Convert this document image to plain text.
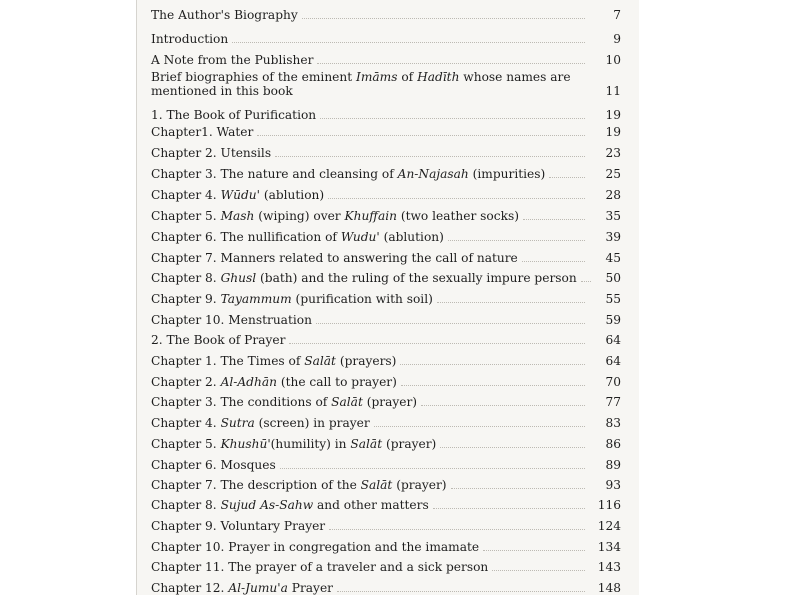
The Author's Biography	7
Introduction	9
A Note from the Publisher	10
Brief biographies of the eminent Imāms of Hadīth whose names are mentioned in this book	11
1. The Book of Purification	19
Chapter1. Water	19
Chapter 2. Utensils	23
Chapter 3. The nature and cleansing of An-Najasah (impurities)	25
Chapter 4. Wūdu' (ablution)	28
Chapter 5. Mash (wiping) over Khuffain (two leather socks)	35
Chapter 6. The nullification of Wudu' (ablution)	39
Chapter 7. Manners related to answering the call of nature	45
Chapter 8. Ghusl (bath) and the ruling of the sexually impure person	50
Chapter 9. Tayammum (purification with soil)	55
Chapter 10. Menstruation	59
2. The Book of Prayer	64
Chapter 1. The Times of Salāt (prayers)	64
Chapter 2. Al-Adhān (the call to prayer)	70
Chapter 3. The conditions of Salāt (prayer)	77
Chapter 4. Sutra (screen) in prayer	83
Chapter 5. Khushū'(humility) in Salāt (prayer)	86
Chapter 6. Mosques	89
Chapter 7. The description of the Salāt (prayer)	93
Chapter 8. Sujud As-Sahw and other matters	116
Chapter 9. Voluntary Prayer	124
Chapter 10. Prayer in congregation and the imamate	134
Chapter 11. The prayer of a traveler and a sick person	143
Chapter 12. Al-Jumu'a Prayer	148
